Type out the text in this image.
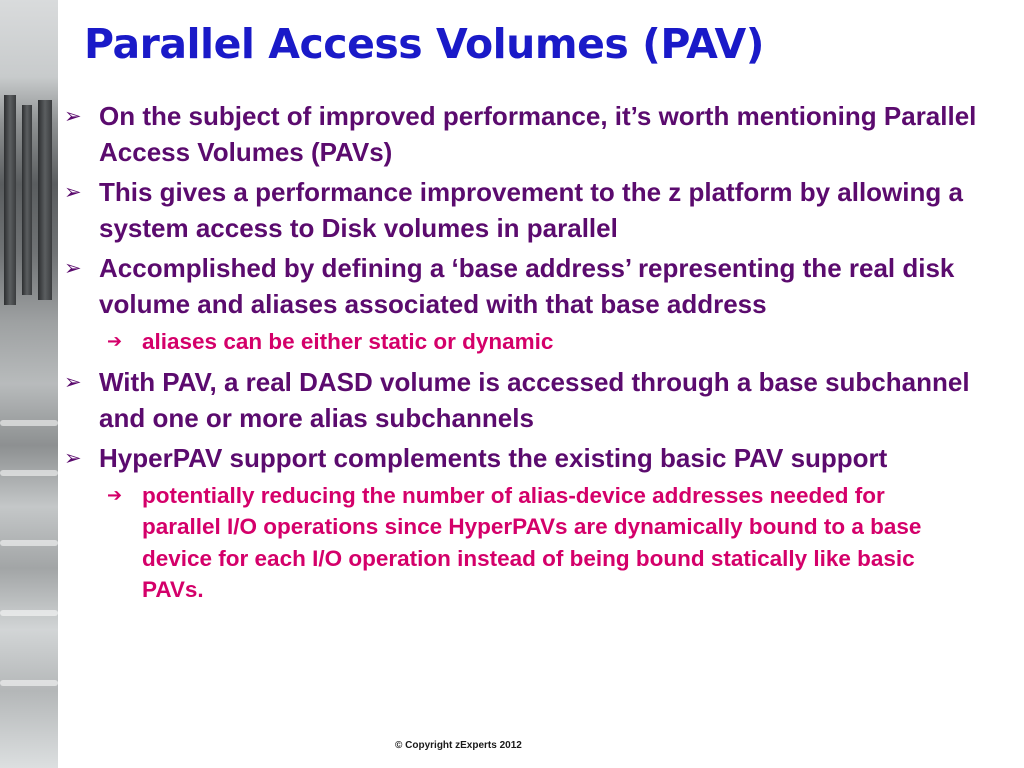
Parallel Access Volumes (PAV)
➢ On the subject of improved performance, it’s worth mentioning Parallel Access Volumes (PAVs)
➢ This gives a performance improvement to the z platform by allowing a system access to Disk volumes in parallel
➢ Accomplished by defining a ‘base address’ representing the real disk volume and aliases associated with that base address
➔ aliases can be either static or dynamic
➢ With PAV, a real DASD volume is accessed through a base subchannel and one or more alias subchannels
➢ HyperPAV support complements the existing basic PAV support
➔ potentially reducing the number of alias-device addresses needed for parallel I/O operations since HyperPAVs are dynamically bound to a base device for each I/O operation instead of being bound statically like basic PAVs.
© Copyright zExperts 2012
